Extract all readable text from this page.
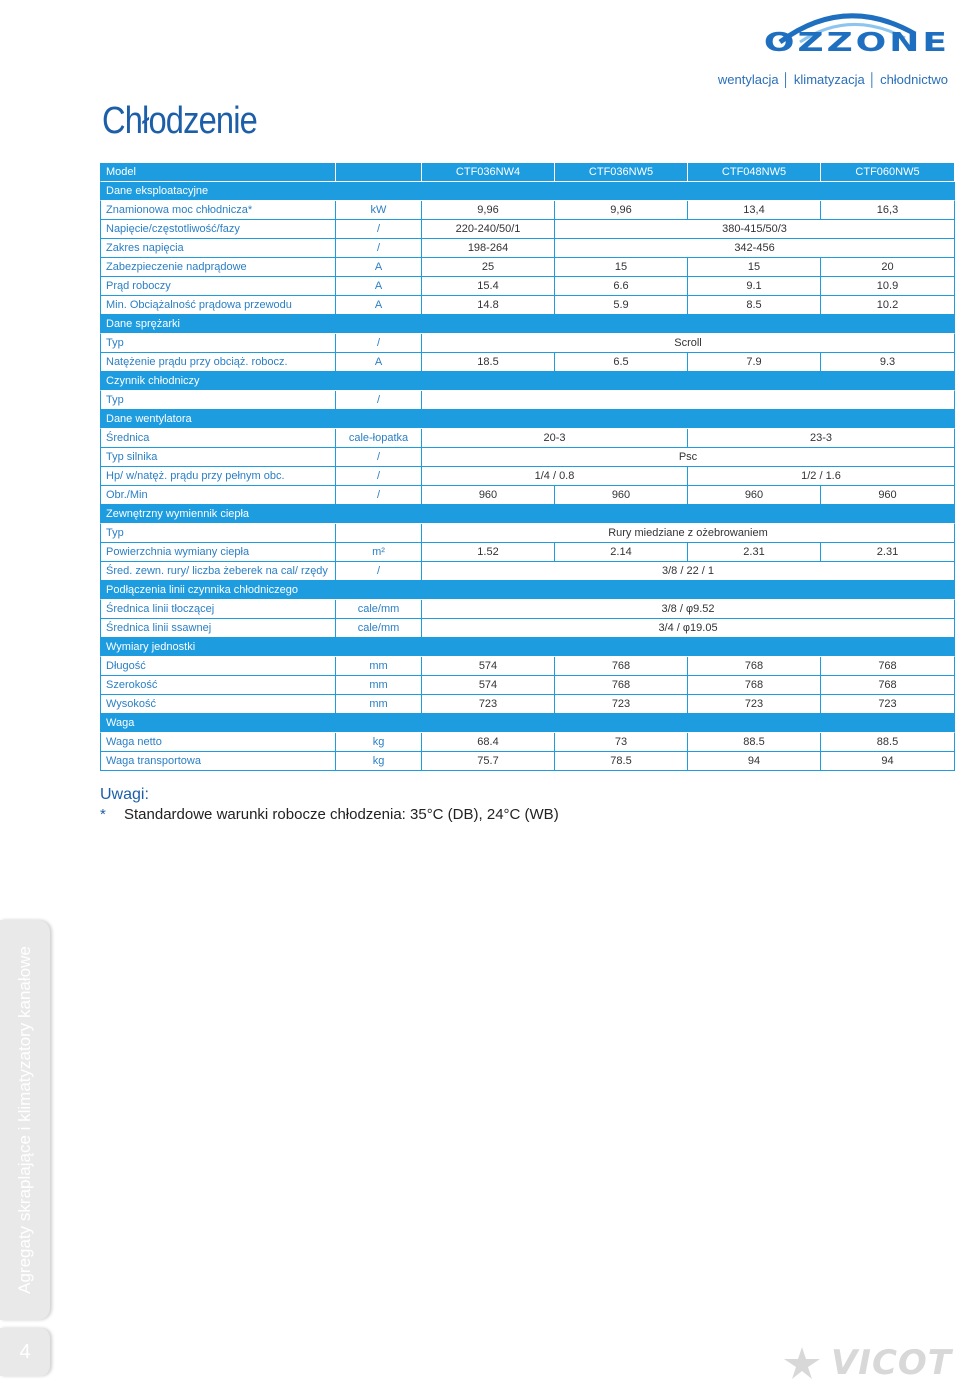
OZZONE
wentylacja │ klimatyzacja │ chłodnictwo
Chłodzenie
Model		CTF036NW4	CTF036NW5	CTF048NW5	CTF060NW5
Dane eksploatacyjne					
Znamionowa moc chłodnicza*	kW	9,96	9,96	13,4	16,3
Napięcie/częstotliwość/fazy	/	220-240/50/1	380-415/50/3		
Zakres napięcia	/	198-264	342-456		
Zabezpieczenie nadprądowe	A	25	15	15	20
Prąd roboczy	A	15.4	6.6	9.1	10.9
Min. Obciążalność prądowa przewodu	A	14.8	5.9	8.5	10.2
Dane sprężarki					
Typ	/	Scroll			
Natężenie prądu przy obciąż. robocz.	A	18.5	6.5	7.9	9.3
Czynnik chłodniczy					
Typ	/				
Dane wentylatora					
Średnica	cale-łopatka	20-3		23-3	
Typ silnika	/	Psc			
Hp/ w/natęż. prądu przy pełnym obc.	/	1/4 / 0.8		1/2 / 1.6	
Obr./Min	/	960	960	960	960
Zewnętrzny wymiennik ciepła					
Typ		Rury miedziane z ożebrowaniem			
Powierzchnia wymiany ciepła	m²	1.52	2.14	2.31	2.31
Śred. zewn. rury/ liczba żeberek na cal/ rzędy	/	3/8 / 22 / 1			
Podłączenia linii czynnika chłodniczego					
Średnica linii tłoczącej	cale/mm	3/8 / φ9.52			
Średnica linii ssawnej	cale/mm	3/4 / φ19.05			
Wymiary jednostki					
Długość	mm	574	768	768	768
Szerokość	mm	574	768	768	768
Wysokość	mm	723	723	723	723
Waga					
Waga netto	kg	68.4	73	88.5	88.5
Waga transportowa	kg	75.7	78.5	94	94
Uwagi:
* Standardowe warunki robocze chłodzenia: 35°C (DB), 24°C (WB)
Agregaty skraplające i klimatyzatory kanałowe
4	VICOT
